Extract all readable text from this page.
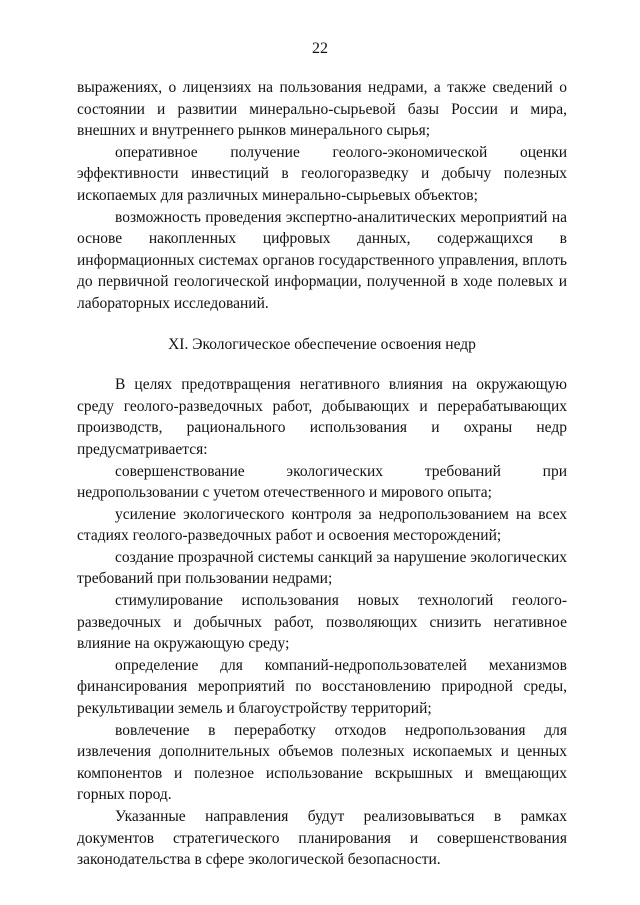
22

выражениях, о лицензиях на пользования недрами, а также сведений о состоянии и развитии минерально-сырьевой базы России и мира, внешних и внутреннего рынков минерального сырья;

оперативное получение геолого-экономической оценки эффективности инвестиций в геологоразведку и добычу полезных ископаемых для различных минерально-сырьевых объектов;

возможность проведения экспертно-аналитических мероприятий на основе накопленных цифровых данных, содержащихся в информационных системах органов государственного управления, вплоть до первичной геологической информации, полученной в ходе полевых и лабораторных исследований.

XI. Экологическое обеспечение освоения недр

В целях предотвращения негативного влияния на окружающую среду геолого-разведочных работ, добывающих и перерабатывающих производств, рационального использования и охраны недр предусматривается:

совершенствование экологических требований при недропользовании с учетом отечественного и мирового опыта;

усиление экологического контроля за недропользованием на всех стадиях геолого-разведочных работ и освоения месторождений;

создание прозрачной системы санкций за нарушение экологических требований при пользовании недрами;

стимулирование использования новых технологий геолого-разведочных и добычных работ, позволяющих снизить негативное влияние на окружающую среду;

определение для компаний-недропользователей механизмов финансирования мероприятий по восстановлению природной среды, рекультивации земель и благоустройству территорий;

вовлечение в переработку отходов недропользования для извлечения дополнительных объемов полезных ископаемых и ценных компонентов и полезное использование вскрышных и вмещающих горных пород.

Указанные направления будут реализовываться в рамках документов стратегического планирования и совершенствования законодательства в сфере экологической безопасности.
